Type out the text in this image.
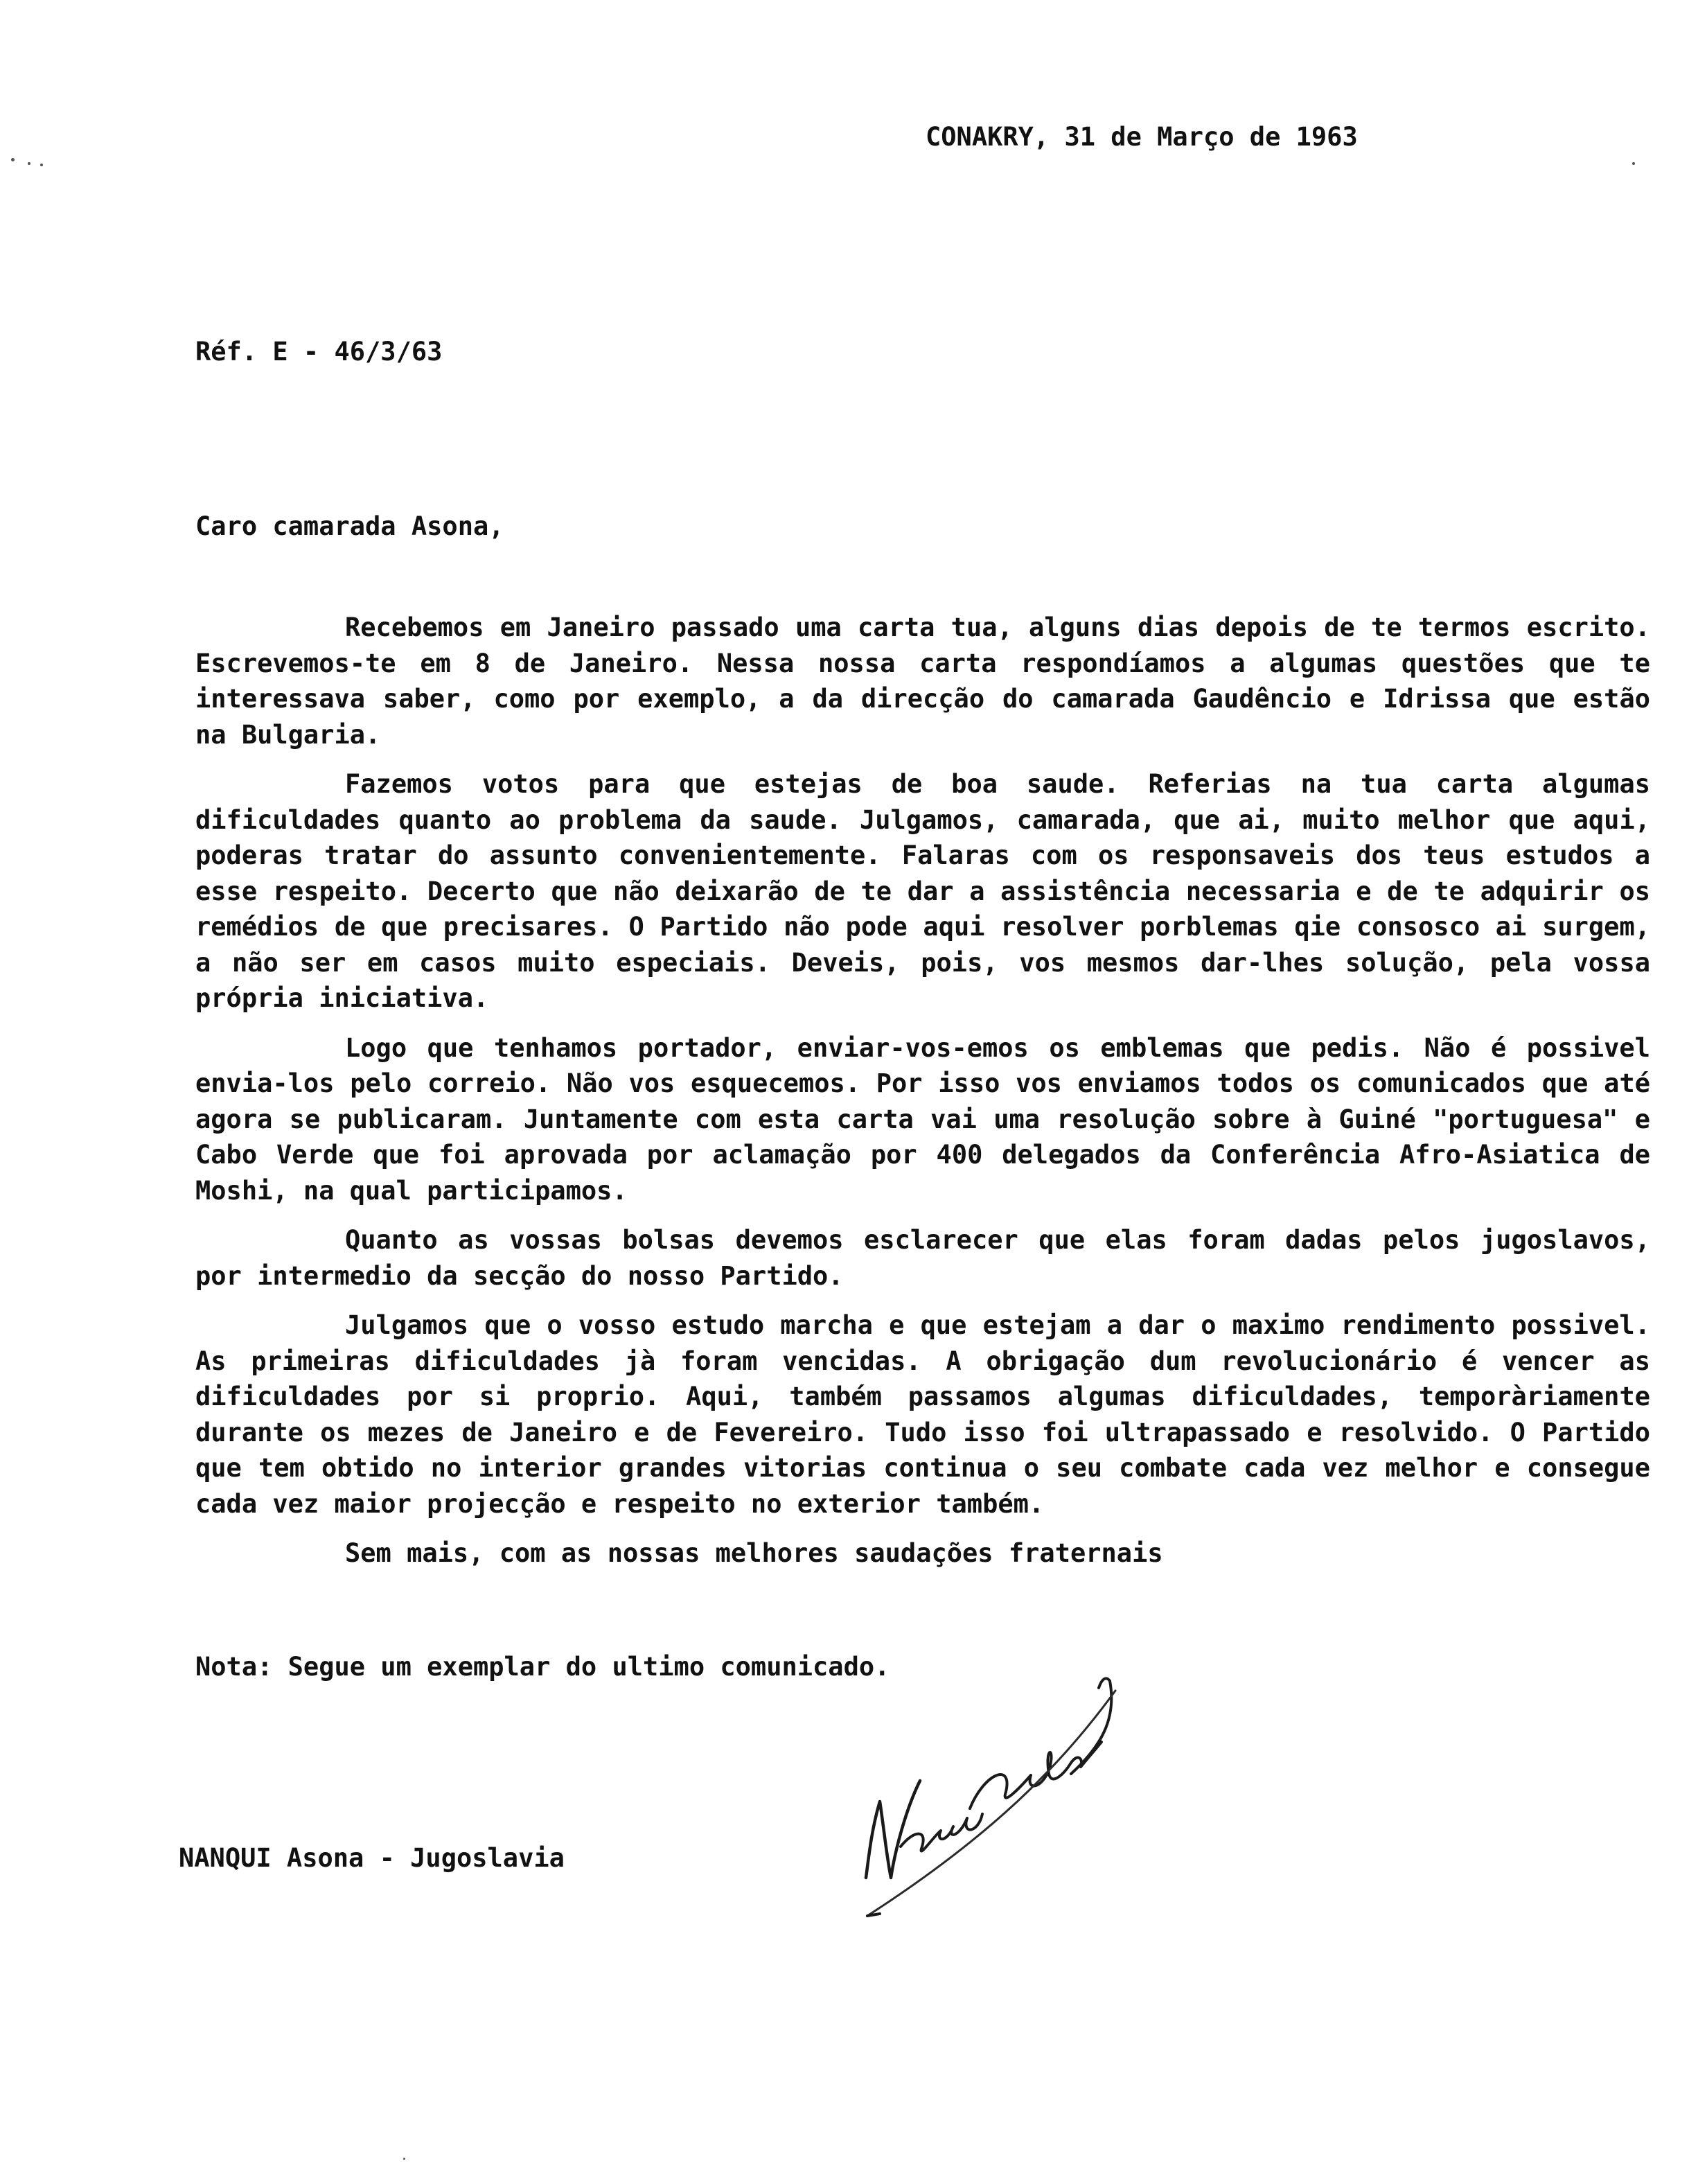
CONAKRY, 31 de Março de 1963
Réf. E - 46/3/63
Caro camarada Asona,

Recebemos em Janeiro passado uma carta tua, alguns dias depois de te termos escrito. Escrevemos-te em 8 de Janeiro. Nessa nossa carta respondíamos a algumas questões que te interessava saber, como por exemplo, a da direcção do camarada Gaudêncio e Idrissa que estão na Bulgaria.

Fazemos votos para que estejas de boa saude. Referias na tua carta algumas dificuldades quanto ao problema da saude. Julgamos, camarada, que ai, muito melhor que aqui, poderas tratar do assunto convenientemente. Falaras com os responsaveis dos teus estudos a esse respeito. Decerto que não deixarão de te dar a assistência necessaria e de te adquirir os remédios de que precisares. O Partido não pode aqui resolver porblemas qie consosco ai surgem, a não ser em casos muito especiais. Deveis, pois, vos mesmos dar-lhes solução, pela vossa própria iniciativa.

Logo que tenhamos portador, enviar-vos-emos os emblemas que pedis. Não é possivel envia-los pelo correio. Não vos esquecemos. Por isso vos enviamos todos os comunicados que até agora se publicaram. Juntamente com esta carta vai uma resolução sobre à Guiné "portuguesa" e Cabo Verde que foi aprovada por aclamação por 400 delegados da Conferência Afro-Asiatica de Moshi, na qual participamos.

Quanto as vossas bolsas devemos esclarecer que elas foram dadas pelos jugoslavos, por intermedio da secção do nosso Partido.

Julgamos que o vosso estudo marcha e que estejam a dar o maximo rendimento possivel. As primeiras dificuldades jà foram vencidas. A obrigação dum revolucionário é vencer as dificuldades por si proprio. Aqui, também passamos algumas dificuldades, temporàriamente durante os mezes de Janeiro e de Fevereiro. Tudo isso foi ultrapassado e resolvido. O Partido que tem obtido no interior grandes vitorias continua o seu combate cada vez melhor e consegue cada vez maior projecção e respeito no exterior também.

Sem mais, com as nossas melhores saudações fraternais

Nota: Segue um exemplar do ultimo comunicado.
NANQUI Asona - Jugoslavia
